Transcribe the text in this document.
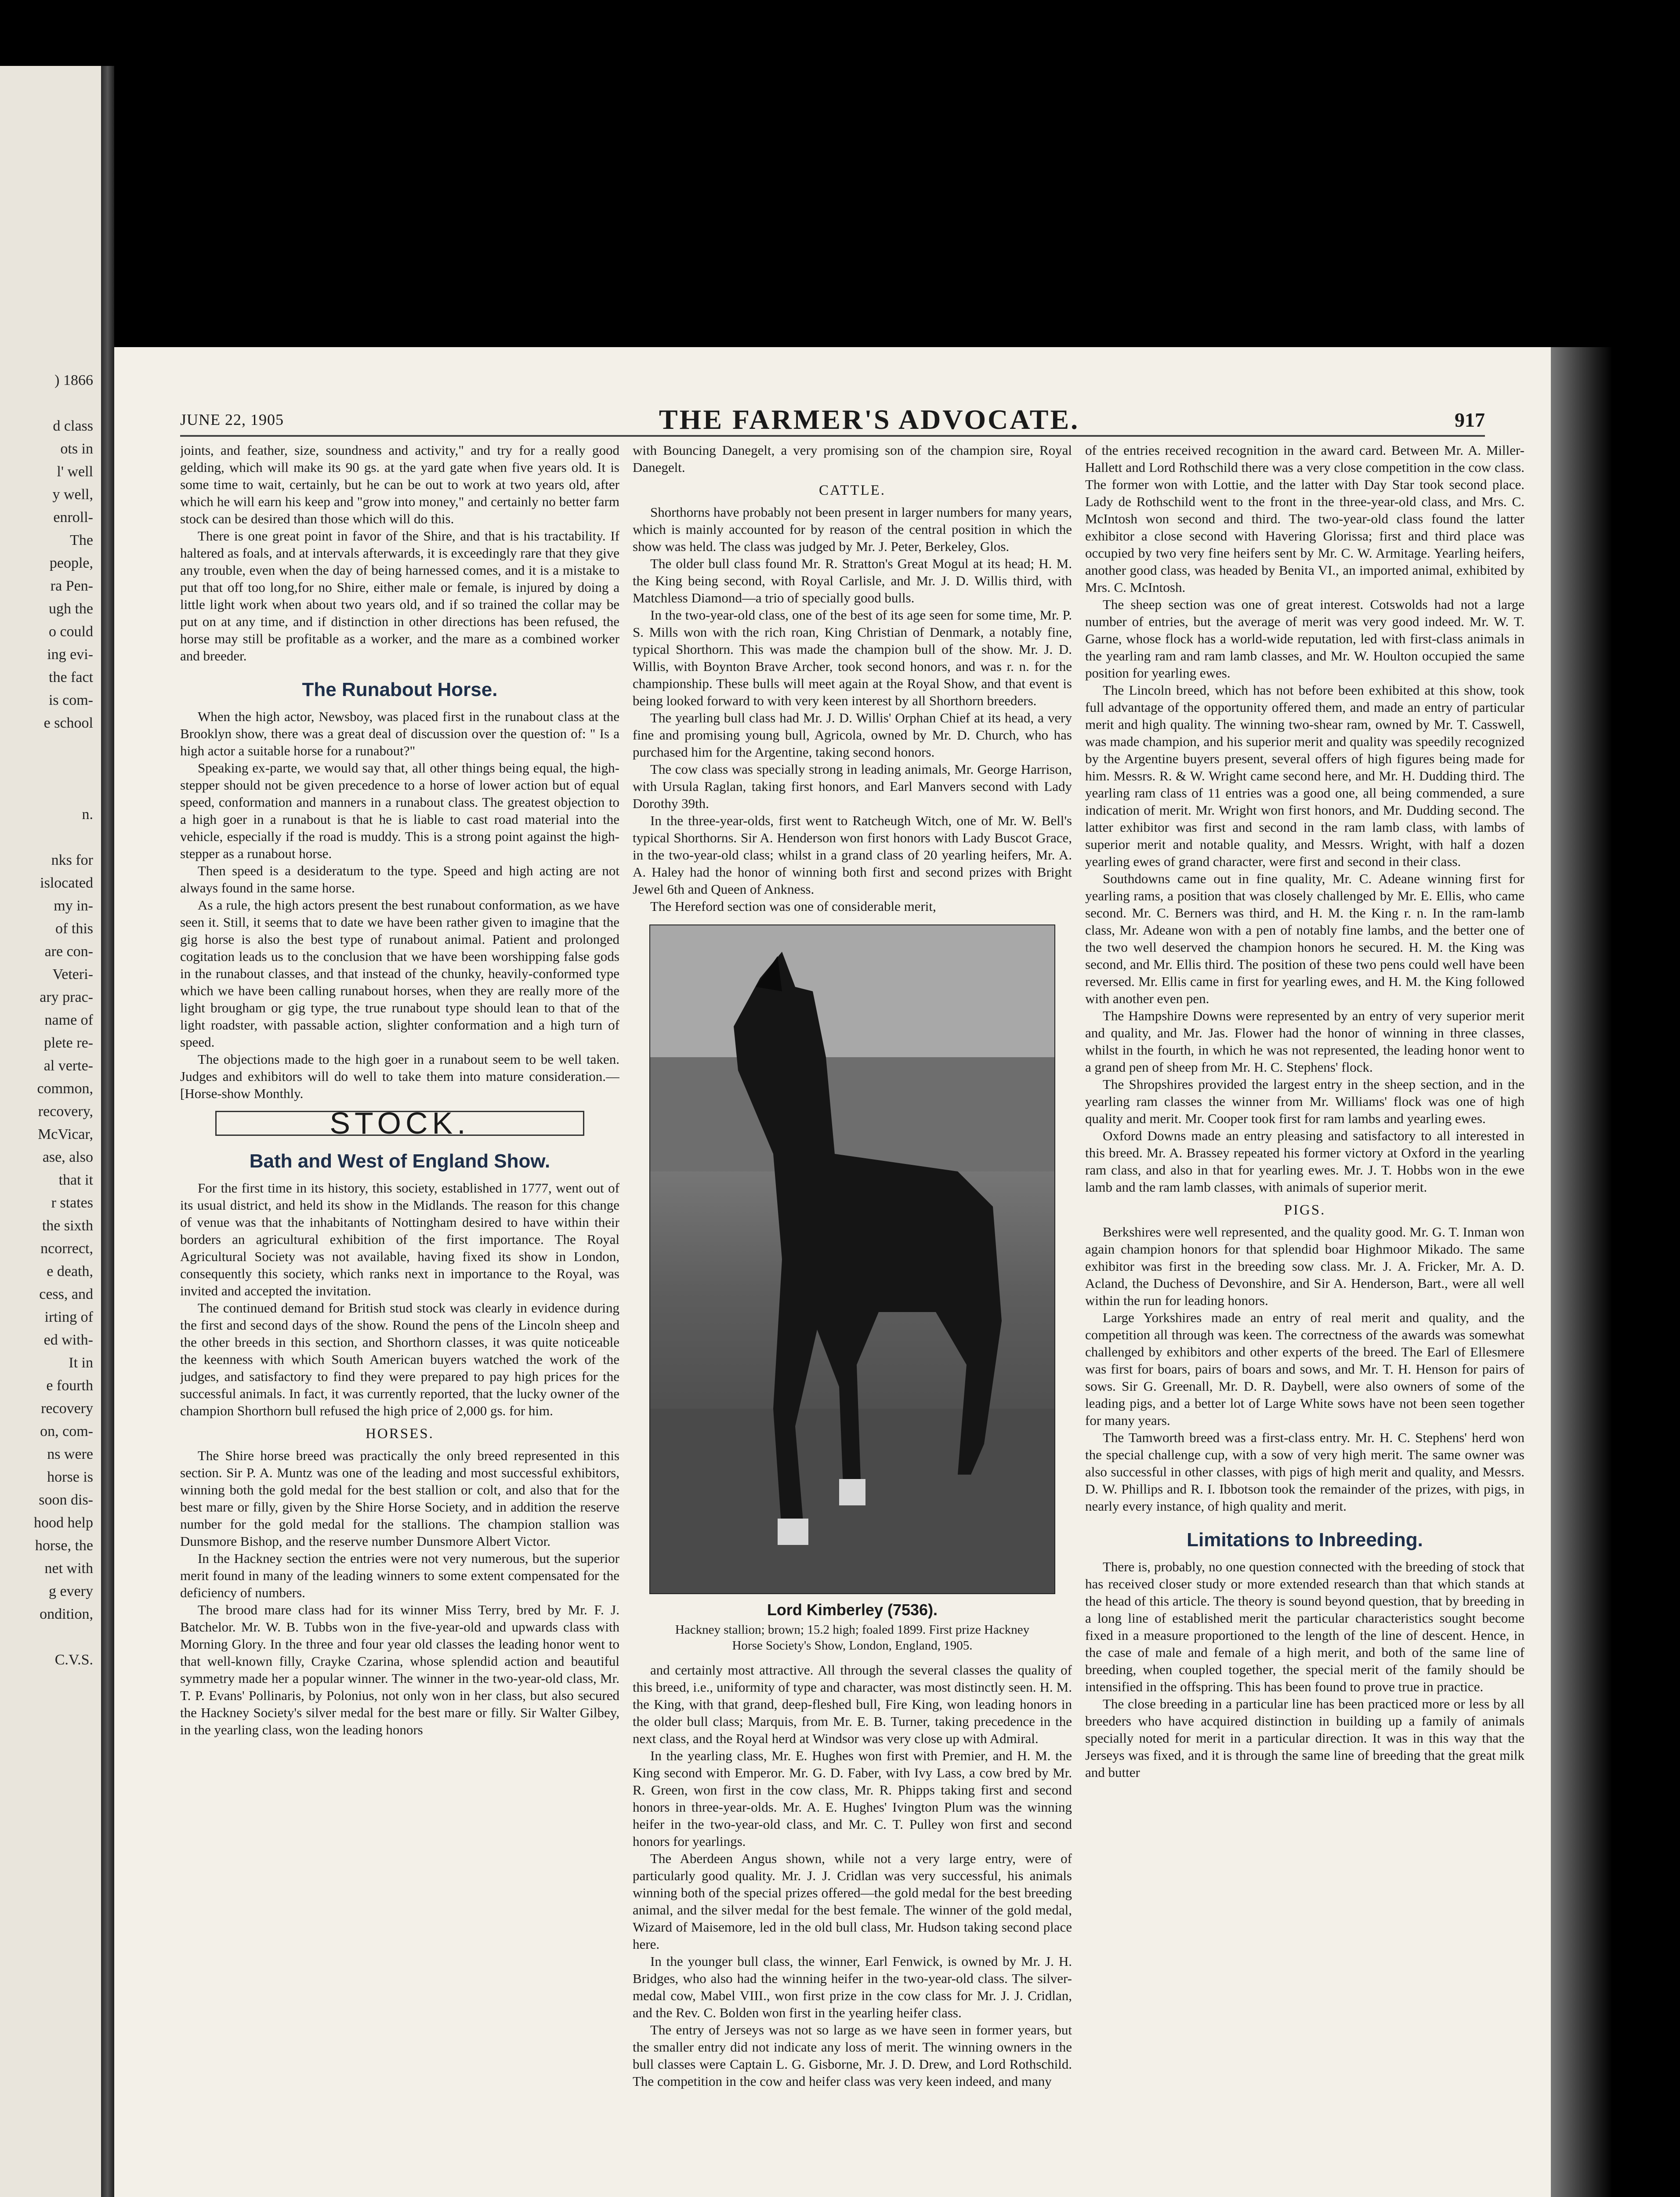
) 1866
d class
ots in
l' well
y well,
enroll-
The
people,
ra Pen-
ugh the
o could
ing evi-
the fact
is com-
e school
n.
nks for
islocated
my in-
of this
are con-
Veteri-
ary prac-
name of
plete re-
al verte-
common,
recovery,
McVicar,
ase, also
that it
r states
the sixth
ncorrect,
e death,
cess, and
irting of
ed with-
It in
e fourth
recovery
on, com-
ns were
horse is
soon dis-
hood help
horse, the
net with
g every
ondition,
C.V.S.
JUNE 22, 1905	THE FARMER'S ADVOCATE.	917

joints, and feather, size, soundness and activity," and try for a really good gelding, which will make its 90 gs. at the yard gate when five years old. It is some time to wait, certainly, but he can be out to work at two years old, after which he will earn his keep and "grow into money," and certainly no better farm stock can be desired than those which will do this.

There is one great point in favor of the Shire, and that is his tractability. If haltered as foals, and at intervals afterwards, it is exceedingly rare that they give any trouble, even when the day of being harnessed comes, and it is a mistake to put that off too long,for no Shire, either male or female, is injured by doing a little light work when about two years old, and if so trained the collar may be put on at any time, and if distinction in other directions has been refused, the horse may still be profitable as a worker, and the mare as a combined worker and breeder.

The Runabout Horse.

When the high actor, Newsboy, was placed first in the runabout class at the Brooklyn show, there was a great deal of discussion over the question of: " Is a high actor a suitable horse for a runabout?"

Speaking ex-parte, we would say that, all other things being equal, the high-stepper should not be given precedence to a horse of lower action but of equal speed, conformation and manners in a runabout class. The greatest objection to a high goer in a runabout is that he is liable to cast road material into the vehicle, especially if the road is muddy. This is a strong point against the high-stepper as a runabout horse.

Then speed is a desideratum to the type. Speed and high acting are not always found in the same horse.

As a rule, the high actors present the best runabout conformation, as we have seen it. Still, it seems that to date we have been rather given to imagine that the gig horse is also the best type of runabout animal. Patient and prolonged cogitation leads us to the conclusion that we have been worshipping false gods in the runabout classes, and that instead of the chunky, heavily-conformed type which we have been calling runabout horses, when they are really more of the light brougham or gig type, the true runabout type should lean to that of the light roadster, with passable action, slighter conformation and a high turn of speed.

The objections made to the high goer in a runabout seem to be well taken. Judges and exhibitors will do well to take them into mature consideration.—[Horse-show Monthly.

STOCK.
Bath and West of England Show.

For the first time in its history, this society, established in 1777, went out of its usual district, and held its show in the Midlands. The reason for this change of venue was that the inhabitants of Nottingham desired to have within their borders an agricultural exhibition of the first importance. The Royal Agricultural Society was not available, having fixed its show in London, consequently this society, which ranks next in importance to the Royal, was invited and accepted the invitation.

The continued demand for British stud stock was clearly in evidence during the first and second days of the show. Round the pens of the Lincoln sheep and the other breeds in this section, and Shorthorn classes, it was quite noticeable the keenness with which South American buyers watched the work of the judges, and satisfactory to find they were prepared to pay high prices for the successful animals. In fact, it was currently reported, that the lucky owner of the champion Shorthorn bull refused the high price of 2,000 gs. for him.

HORSES.

The Shire horse breed was practically the only breed represented in this section. Sir P. A. Muntz was one of the leading and most successful exhibitors, winning both the gold medal for the best stallion or colt, and also that for the best mare or filly, given by the Shire Horse Society, and in addition the reserve number for the gold medal for the stallions. The champion stallion was Dunsmore Bishop, and the reserve number Dunsmore Albert Victor.

In the Hackney section the entries were not very numerous, but the superior merit found in many of the leading winners to some extent compensated for the deficiency of numbers.

The brood mare class had for its winner Miss Terry, bred by Mr. F. J. Batchelor. Mr. W. B. Tubbs won in the five-year-old and upwards class with Morning Glory. In the three and four year old classes the leading honor went to that well-known filly, Crayke Czarina, whose splendid action and beautiful symmetry made her a popular winner. The winner in the two-year-old class, Mr. T. P. Evans' Pollinaris, by Polonius, not only won in her class, but also secured the Hackney Society's silver medal for the best mare or filly. Sir Walter Gilbey, in the yearling class, won the leading honors

with Bouncing Danegelt, a very promising son of the champion sire, Royal Danegelt.

CATTLE.

Shorthorns have probably not been present in larger numbers for many years, which is mainly accounted for by reason of the central position in which the show was held. The class was judged by Mr. J. Peter, Berkeley, Glos.

The older bull class found Mr. R. Stratton's Great Mogul at its head; H. M. the King being second, with Royal Carlisle, and Mr. J. D. Willis third, with Matchless Diamond—a trio of specially good bulls.

In the two-year-old class, one of the best of its age seen for some time, Mr. P. S. Mills won with the rich roan, King Christian of Denmark, a notably fine, typical Shorthorn. This was made the champion bull of the show. Mr. J. D. Willis, with Boynton Brave Archer, took second honors, and was r. n. for the championship. These bulls will meet again at the Royal Show, and that event is being looked forward to with very keen interest by all Shorthorn breeders.

The yearling bull class had Mr. J. D. Willis' Orphan Chief at its head, a very fine and promising young bull, Agricola, owned by Mr. D. Church, who has purchased him for the Argentine, taking second honors.

The cow class was specially strong in leading animals, Mr. George Harrison, with Ursula Raglan, taking first honors, and Earl Manvers second with Lady Dorothy 39th.

In the three-year-olds, first went to Ratcheugh Witch, one of Mr. W. Bell's typical Shorthorns. Sir A. Henderson won first honors with Lady Buscot Grace, in the two-year-old class; whilst in a grand class of 20 yearling heifers, Mr. A. A. Haley had the honor of winning both first and second prizes with Bright Jewel 6th and Queen of Ankness.

The Hereford section was one of considerable merit,

Lord Kimberley (7536).
Hackney stallion; brown; 15.2 high; foaled 1899. First prize Hackney Horse Society's Show, London, England, 1905.

and certainly most attractive. All through the several classes the quality of this breed, i.e., uniformity of type and character, was most distinctly seen. H. M. the King, with that grand, deep-fleshed bull, Fire King, won leading honors in the older bull class; Marquis, from Mr. E. B. Turner, taking precedence in the next class, and the Royal herd at Windsor was very close up with Admiral.

In the yearling class, Mr. E. Hughes won first with Premier, and H. M. the King second with Emperor. Mr. G. D. Faber, with Ivy Lass, a cow bred by Mr. R. Green, won first in the cow class, Mr. R. Phipps taking first and second honors in three-year-olds. Mr. A. E. Hughes' Ivington Plum was the winning heifer in the two-year-old class, and Mr. C. T. Pulley won first and second honors for yearlings.

The Aberdeen Angus shown, while not a very large entry, were of particularly good quality. Mr. J. J. Cridlan was very successful, his animals winning both of the special prizes offered—the gold medal for the best breeding animal, and the silver medal for the best female. The winner of the gold medal, Wizard of Maisemore, led in the old bull class, Mr. Hudson taking second place here.

In the younger bull class, the winner, Earl Fenwick, is owned by Mr. J. H. Bridges, who also had the winning heifer in the two-year-old class. The silver-medal cow, Mabel VIII., won first prize in the cow class for Mr. J. J. Cridlan, and the Rev. C. Bolden won first in the yearling heifer class.

The entry of Jerseys was not so large as we have seen in former years, but the smaller entry did not indicate any loss of merit. The winning owners in the bull classes were Captain L. G. Gisborne, Mr. J. D. Drew, and Lord Rothschild. The competition in the cow and heifer class was very keen indeed, and many

of the entries received recognition in the award card. Between Mr. A. Miller-Hallett and Lord Rothschild there was a very close competition in the cow class. The former won with Lottie, and the latter with Day Star took second place. Lady de Rothschild went to the front in the three-year-old class, and Mrs. C. McIntosh won second and third. The two-year-old class found the latter exhibitor a close second with Havering Glorissa; first and third place was occupied by two very fine heifers sent by Mr. C. W. Armitage. Yearling heifers, another good class, was headed by Benita VI., an imported animal, exhibited by Mrs. C. McIntosh.

The sheep section was one of great interest. Cotswolds had not a large number of entries, but the average of merit was very good indeed. Mr. W. T. Garne, whose flock has a world-wide reputation, led with first-class animals in the yearling ram and ram lamb classes, and Mr. W. Houlton occupied the same position for yearling ewes.

The Lincoln breed, which has not before been exhibited at this show, took full advantage of the opportunity offered them, and made an entry of particular merit and high quality. The winning two-shear ram, owned by Mr. T. Casswell, was made champion, and his superior merit and quality was speedily recognized by the Argentine buyers present, several offers of high figures being made for him. Messrs. R. & W. Wright came second here, and Mr. H. Dudding third. The yearling ram class of 11 entries was a good one, all being commended, a sure indication of merit. Mr. Wright won first honors, and Mr. Dudding second. The latter exhibitor was first and second in the ram lamb class, with lambs of superior merit and notable quality, and Messrs. Wright, with half a dozen yearling ewes of grand character, were first and second in their class.

Southdowns came out in fine quality, Mr. C. Adeane winning first for yearling rams, a position that was closely challenged by Mr. E. Ellis, who came second. Mr. C. Berners was third, and H. M. the King r. n. In the ram-lamb class, Mr. Adeane won with a pen of notably fine lambs, and the better one of the two well deserved the champion honors he secured. H. M. the King was second, and Mr. Ellis third. The position of these two pens could well have been reversed. Mr. Ellis came in first for yearling ewes, and H. M. the King followed with another even pen.

The Hampshire Downs were represented by an entry of very superior merit and quality, and Mr. Jas. Flower had the honor of winning in three classes, whilst in the fourth, in which he was not represented, the leading honor went to a grand pen of sheep from Mr. H. C. Stephens' flock.

The Shropshires provided the largest entry in the sheep section, and in the yearling ram classes the winner from Mr. Williams' flock was one of high quality and merit. Mr. Cooper took first for ram lambs and yearling ewes.

Oxford Downs made an entry pleasing and satisfactory to all interested in this breed. Mr. A. Brassey repeated his former victory at Oxford in the yearling ram class, and also in that for yearling ewes. Mr. J. T. Hobbs won in the ewe lamb and the ram lamb classes, with animals of superior merit.

PIGS.

Berkshires were well represented, and the quality good. Mr. G. T. Inman won again champion honors for that splendid boar Highmoor Mikado. The same exhibitor was first in the breeding sow class. Mr. J. A. Fricker, Mr. A. D. Acland, the Duchess of Devonshire, and Sir A. Henderson, Bart., were all well within the run for leading honors.

Large Yorkshires made an entry of real merit and quality, and the competition all through was keen. The correctness of the awards was somewhat challenged by exhibitors and other experts of the breed. The Earl of Ellesmere was first for boars, pairs of boars and sows, and Mr. T. H. Henson for pairs of sows. Sir G. Greenall, Mr. D. R. Daybell, were also owners of some of the leading pigs, and a better lot of Large White sows have not been seen together for many years.

The Tamworth breed was a first-class entry. Mr. H. C. Stephens' herd won the special challenge cup, with a sow of very high merit. The same owner was also successful in other classes, with pigs of high merit and quality, and Messrs. D. W. Phillips and R. I. Ibbotson took the remainder of the prizes, with pigs, in nearly every instance, of high quality and merit.

Limitations to Inbreeding.

There is, probably, no one question connected with the breeding of stock that has received closer study or more extended research than that which stands at the head of this article. The theory is sound beyond question, that by breeding in a long line of established merit the particular characteristics sought become fixed in a measure proportioned to the length of the line of descent. Hence, in the case of male and female of a high merit, and both of the same line of breeding, when coupled together, the special merit of the family should be intensified in the offspring. This has been found to prove true in practice.

The close breeding in a particular line has been practiced more or less by all breeders who have acquired distinction in building up a family of animals specially noted for merit in a particular direction. It was in this way that the Jerseys was fixed, and it is through the same line of breeding that the great milk and butter
